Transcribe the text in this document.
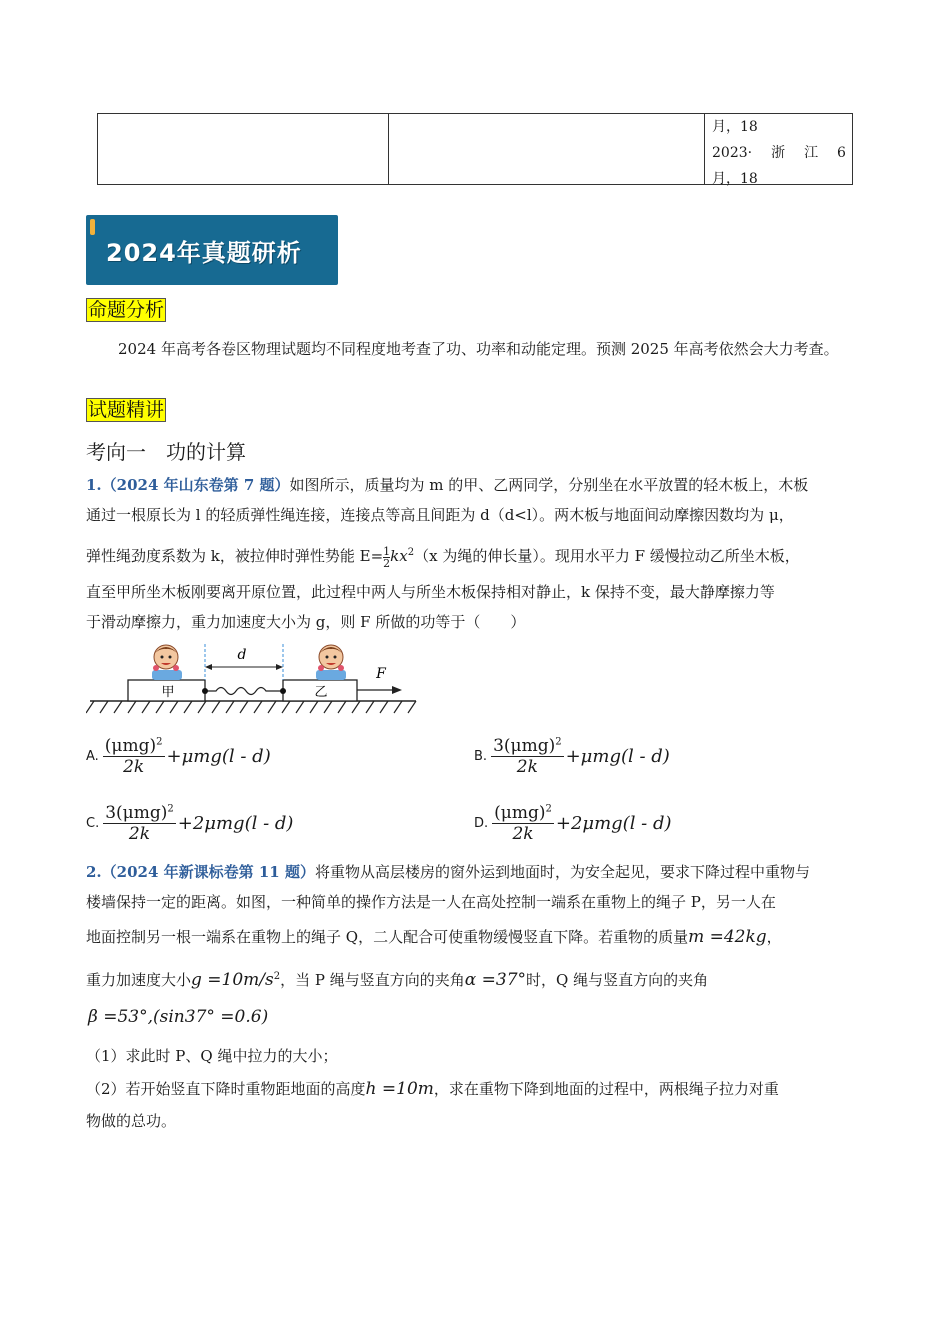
月，18
2023· 浙 江 6
月，18
2024年真题研析
命题分析
2024 年高考各卷区物理试题均不同程度地考查了功、功率和动能定理。预测 2025 年高考依然会大力考查。
试题精讲
考向一　功的计算
1.（2024 年山东卷第 7 题）如图所示，质量均为 m 的甲、乙两同学，分别坐在水平放置的轻木板上，木板
通过一根原长为 l 的轻质弹性绳连接，连接点等高且间距为 d（d<l）。两木板与地面间动摩擦因数均为 μ，
弹性绳劲度系数为 k，被拉伸时弹性势能 $E= \frac{1}{2}kx^2(x$ 为绳的伸长量）。现用水平力 F 缓慢拉动乙所坐木板，
直至甲所坐木板刚要离开原位置，此过程中两人与所坐木板保持相对静止，k 保持不变，最大静摩擦力等
于滑动摩擦力，重力加速度大小为 g，则 F 所做的功等于（　　）
甲	乙
d
F
A. $\frac{(\mu mg)^2}{2k} +\mu mg(l - d)$	B. $\frac{3(\mu mg)^2}{2k} +\mu mg(l - d)$
C. $\frac{3(\mu mg)^2}{2k} +2\mu mg(l - d)$	D. $\frac{(\mu mg)^2}{2k} +2\mu mg(l - d)$
2.（2024 年新课标卷第 11 题）将重物从高层楼房的窗外运到地面时，为安全起见，要求下降过程中重物与
楼墙保持一定的距离。如图，一种简单的操作方法是一人在高处控制一端系在重物上的绳子 P，另一人在
地面控制另一根一端系在重物上的绳子 Q，二人配合可使重物缓慢竖直下降。若重物的质量m =42kg，
重力加速度大小$g =10m/s^2$，当 P 绳与竖直方向的夹角α =37°时，Q 绳与竖直方向的夹角
β =53°,(sin37° =0.6)
（1）求此时 P、Q 绳中拉力的大小；
（2）若开始竖直下降时重物距地面的高度h =10m，求在重物下降到地面的过程中，两根绳子拉力对重
物做的总功。
